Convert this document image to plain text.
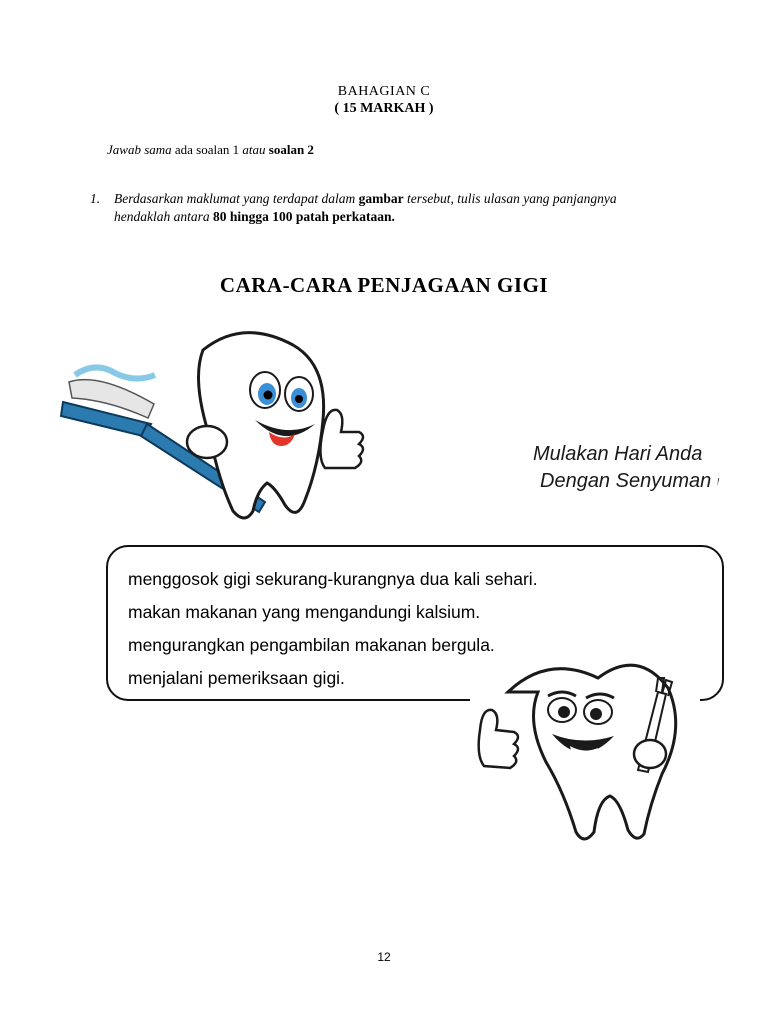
BAHAGIAN C
( 15 MARKAH )
Jawab sama ada soalan 1 atau soalan 2
1. Berdasarkan maklumat yang terdapat dalam gambar tersebut, tulis ulasan yang panjangnya
hendaklah antara 80 hingga 100 patah perkataan.
CARA-CARA PENJAGAAN GIGI
Mulakan Hari Anda
Dengan Senyuman !
menggosok gigi sekurang-kurangnya dua kali sehari.
makan makanan yang mengandungi kalsium.
mengurangkan pengambilan makanan bergula.
menjalani pemeriksaan gigi.
12
